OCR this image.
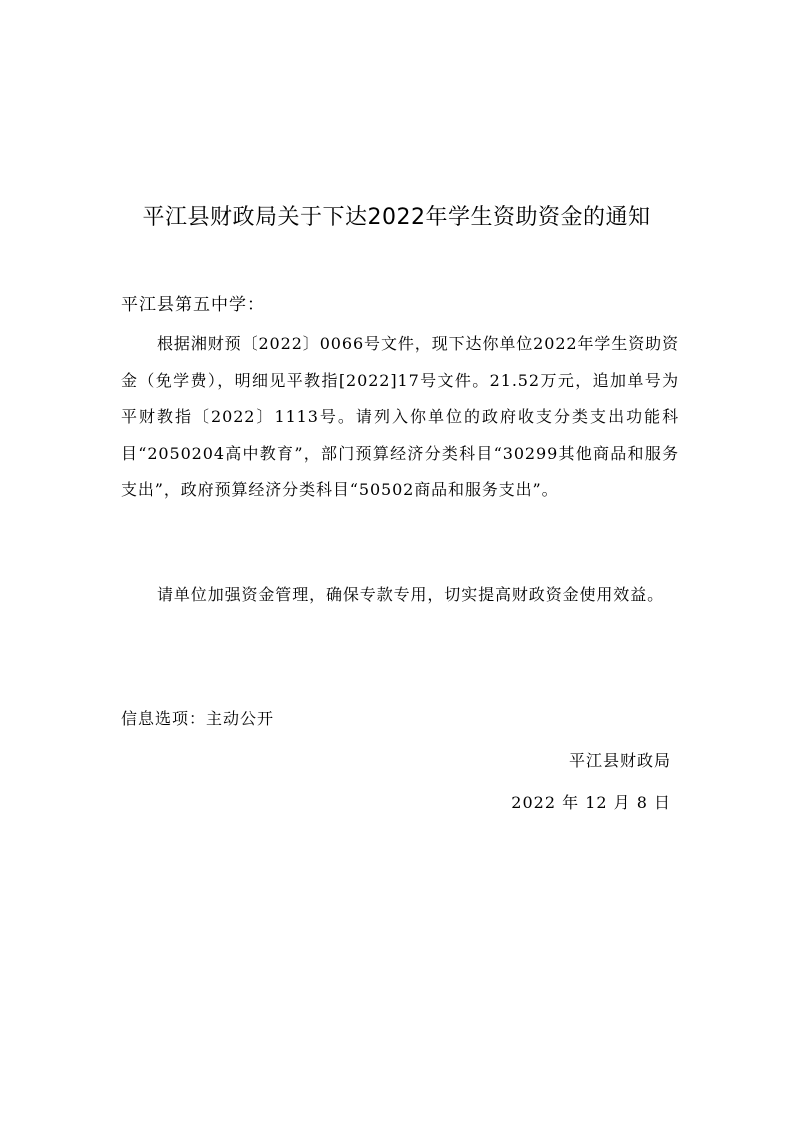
平江县财政局关于下达2022年学生资助资金的通知

平江县第五中学：

根据湘财预〔2022〕0066号文件，现下达你单位2022年学生资助资金（免学费），明细见平教指[2022]17号文件。21.52万元，追加单号为平财教指〔2022〕1113号。请列入你单位的政府收支分类支出功能科目“2050204高中教育”，部门预算经济分类科目“30299其他商品和服务支出”，政府预算经济分类科目“50502商品和服务支出”。

请单位加强资金管理，确保专款专用，切实提高财政资金使用效益。

信息选项：主动公开

平江县财政局

2022 年 12 月 8 日
